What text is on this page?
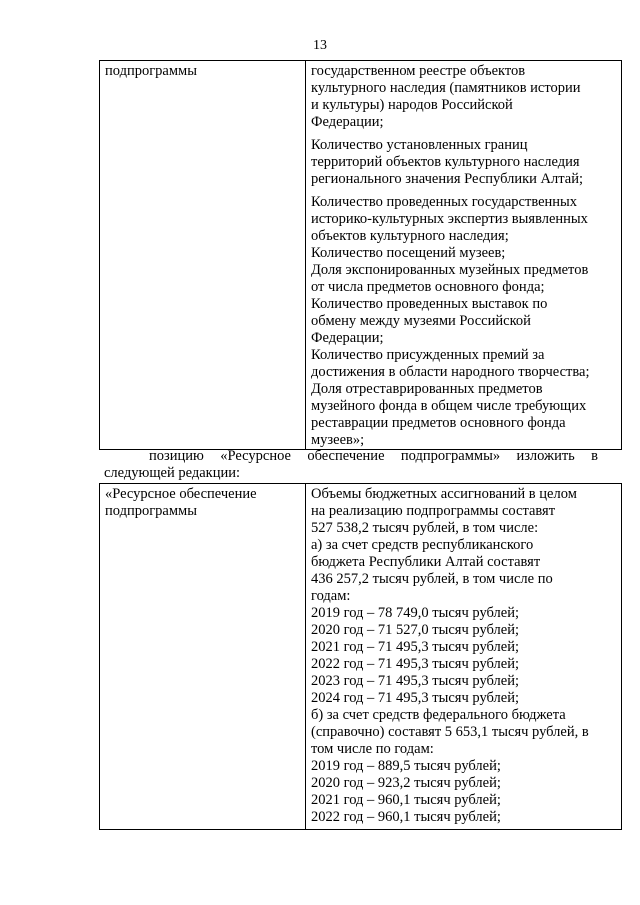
13
подпрограммы	государственном реестре объектов
культурного наследия (памятников истории
и культуры) народов Российской
Федерации;
Количество установленных границ
территорий объектов культурного наследия
регионального значения Республики Алтай;
Количество проведенных государственных
историко-культурных экспертиз выявленных
объектов культурного наследия;
Количество посещений музеев;
Доля экспонированных музейных предметов
от числа предметов основного фонда;
Количество проведенных выставок по
обмену между музеями Российской
Федерации;
Количество присужденных премий за
достижения в области народного творчества;
Доля отреставрированных предметов
музейного фонда в общем числе требующих
реставрации предметов основного фонда
музеев»;
позицию «Ресурсное обеспечение подпрограммы» изложить в
следующей редакции:
«Ресурсное обеспечение
подпрограммы

Объемы бюджетных ассигнований в целом
на реализацию подпрограммы составят
527 538,2 тысяч рублей, в том числе:
а) за счет средств республиканского
бюджета Республики Алтай составят
436 257,2 тысяч рублей, в том числе по
годам:
2019 год – 78 749,0 тысяч рублей;
2020 год – 71 527,0 тысяч рублей;
2021 год – 71 495,3 тысяч рублей;
2022 год – 71 495,3 тысяч рублей;
2023 год – 71 495,3 тысяч рублей;
2024 год – 71 495,3 тысяч рублей;
б) за счет средств федерального бюджета
(справочно) составят 5 653,1 тысяч рублей, в
том числе по годам:
2019 год – 889,5 тысяч рублей;
2020 год – 923,2 тысяч рублей;
2021 год – 960,1 тысяч рублей;
2022 год – 960,1 тысяч рублей;
